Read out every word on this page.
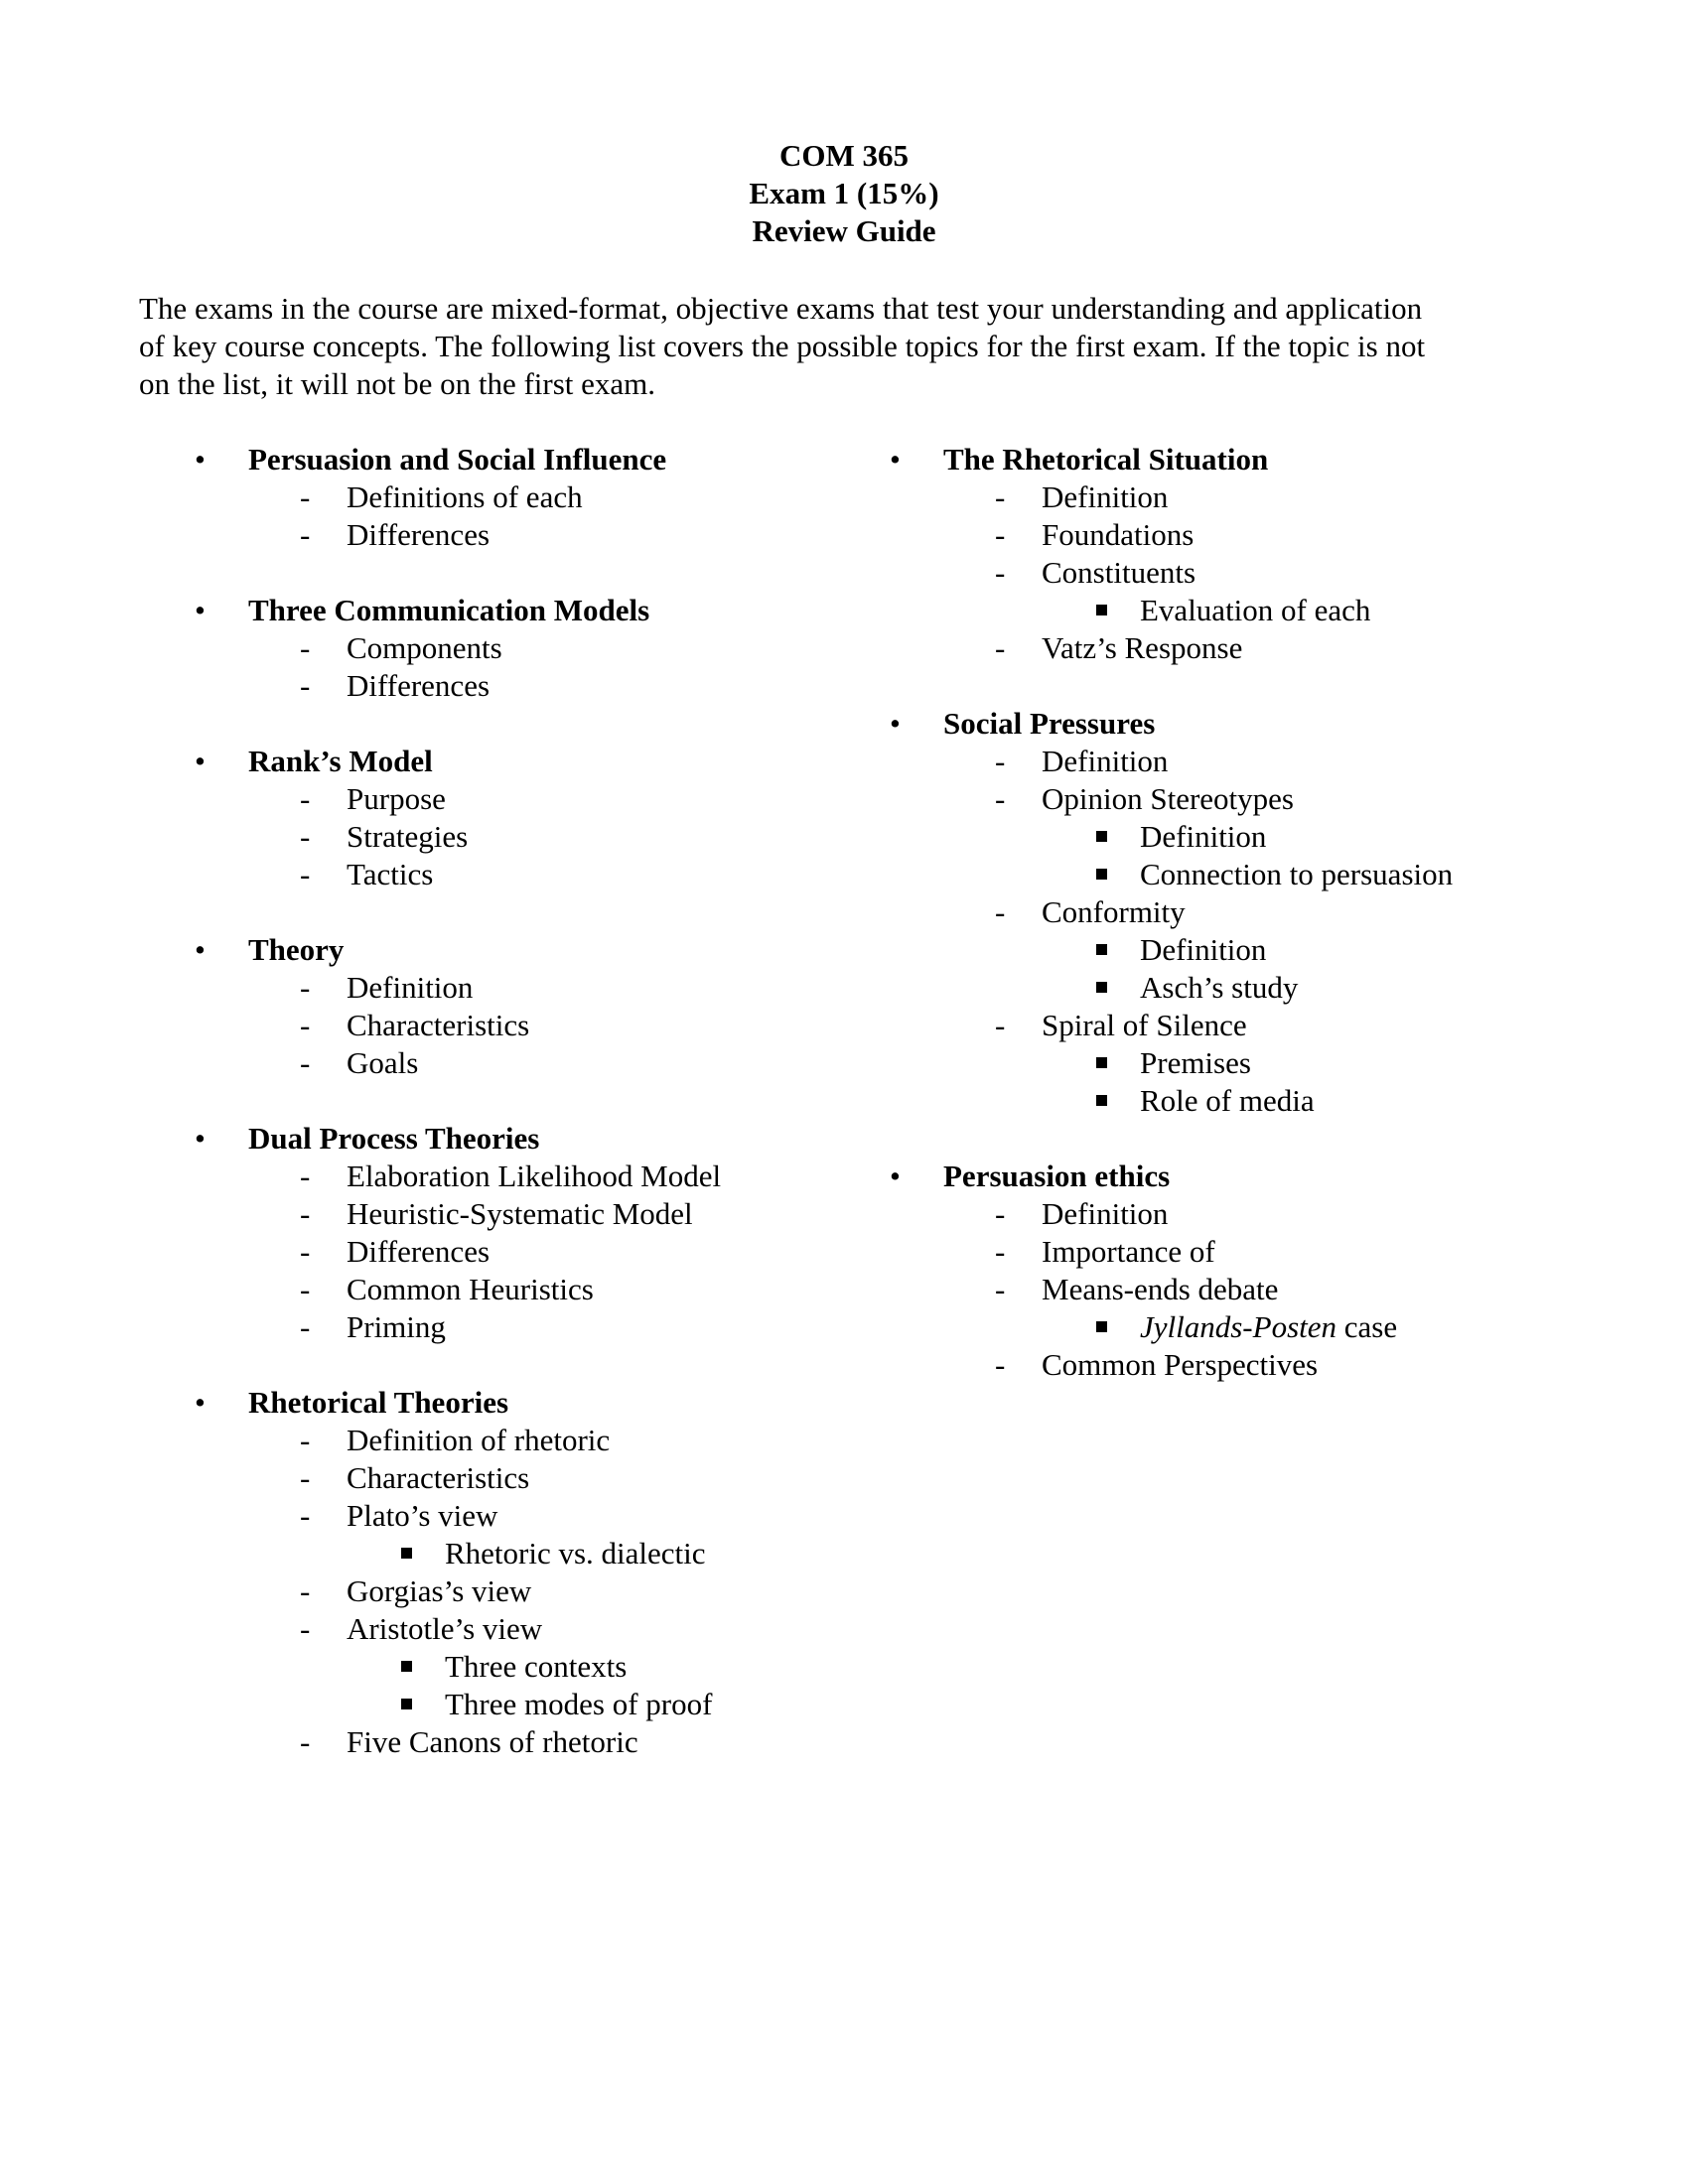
COM 365
Exam 1 (15%)
Review Guide
The exams in the course are mixed-format, objective exams that test your understanding and application
of key course concepts. The following list covers the possible topics for the first exam. If the topic is not
on the list, it will not be on the first exam.
• Persuasion and Social Influence
- Definitions of each
- Differences
• Three Communication Models
- Components
- Differences
• Rank’s Model
- Purpose
- Strategies
- Tactics
• Theory
- Definition
- Characteristics
- Goals
• Dual Process Theories
- Elaboration Likelihood Model
- Heuristic-Systematic Model
- Differences
- Common Heuristics
- Priming
• Rhetorical Theories
- Definition of rhetoric
- Characteristics
- Plato’s view
Rhetoric vs. dialectic
- Gorgias’s view
- Aristotle’s view
Three contexts
Three modes of proof
- Five Canons of rhetoric
• The Rhetorical Situation
- Definition
- Foundations
- Constituents
Evaluation of each
- Vatz’s Response
• Social Pressures
- Definition
- Opinion Stereotypes
Definition
Connection to persuasion
- Conformity
Definition
Asch’s study
- Spiral of Silence
Premises
Role of media
• Persuasion ethics
- Definition
- Importance of
- Means-ends debate
Jyllands-Posten case
- Common Perspectives
